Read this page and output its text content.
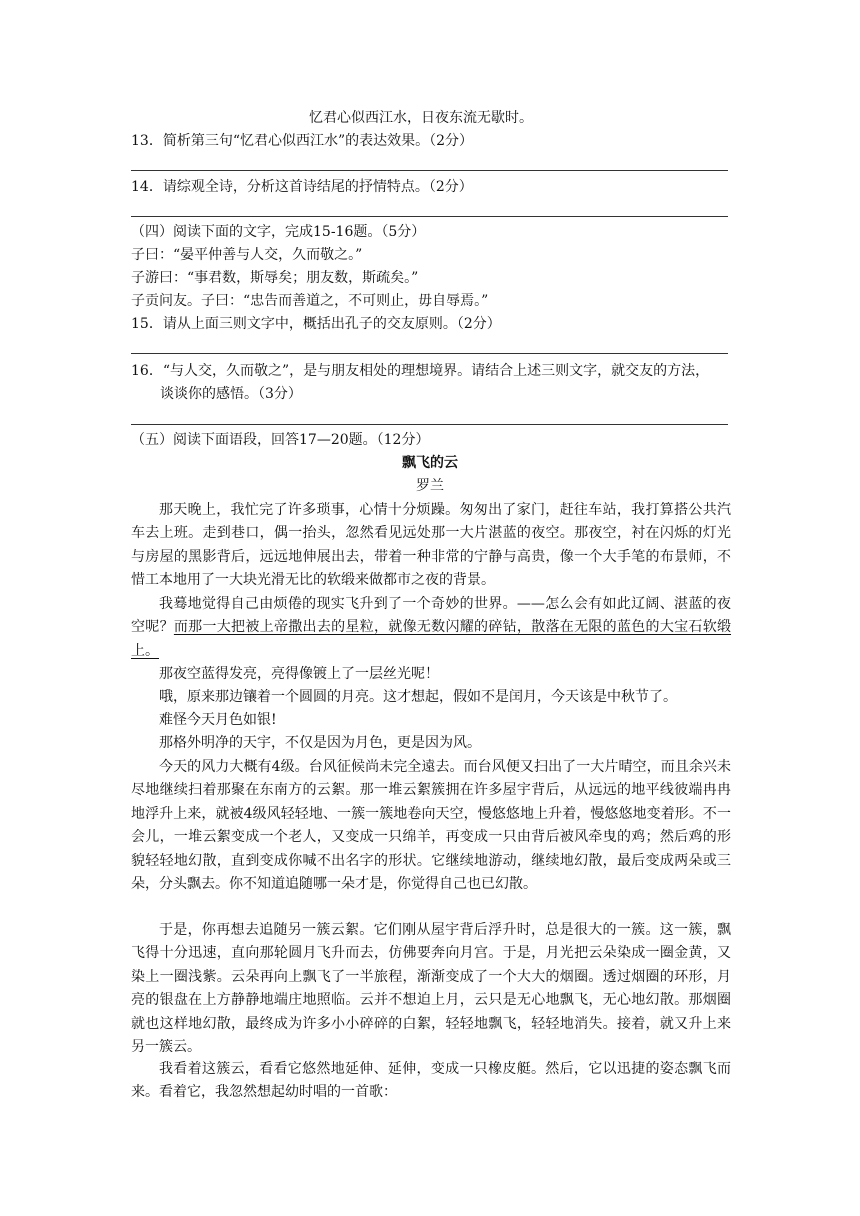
忆君心似西江水，日夜东流无歇时。
13．简析第三句“忆君心似西江水”的表达效果。（2分）
14．请综观全诗，分析这首诗结尾的抒情特点。（2分）
（四）阅读下面的文字，完成15-16题。（5分）
子曰：“晏平仲善与人交，久而敬之。”
子游曰：“事君数，斯辱矣；朋友数，斯疏矣。”
子贡问友。子曰：“忠告而善道之，不可则止，毋自辱焉。”
15．请从上面三则文字中，概括出孔子的交友原则。（2分）
16．“与人交，久而敬之”，是与朋友相处的理想境界。请结合上述三则文字，就交友的方法，
谈谈你的感悟。（3分）
（五）阅读下面语段，回答17—20题。（12分）
飘飞的云
罗兰
那天晚上，我忙完了许多琐事，心情十分烦躁。匆匆出了家门，赶往车站，我打算搭公共汽车去上班。走到巷口，偶一抬头，忽然看见远处那一大片湛蓝的夜空。那夜空，衬在闪烁的灯光与房屋的黑影背后，远远地伸展出去，带着一种非常的宁静与高贵，像一个大手笔的布景师，不惜工本地用了一大块光滑无比的软缎来做都市之夜的背景。
我蓦地觉得自己由烦倦的现实飞升到了一个奇妙的世界。——怎么会有如此辽阔、湛蓝的夜空呢？而那一大把被上帝撒出去的星粒，就像无数闪耀的碎钻，散落在无限的蓝色的大宝石软缎上。
那夜空蓝得发亮，亮得像镀上了一层丝光呢！
哦，原来那边镶着一个圆圆的月亮。这才想起，假如不是闰月，今天该是中秋节了。
难怪今天月色如银!
那格外明净的天宇，不仅是因为月色，更是因为风。
今天的风力大概有4级。台风征候尚未完全遠去。而台风便又扫出了一大片晴空，而且余兴未尽地继续扫着那聚在东南方的云絮。那一堆云絮簇拥在许多屋宇背后，从远远的地平线彼端冉冉地浮升上来，就被4级风轻轻地、一簇一簇地卷向天空，慢悠悠地上升着，慢悠悠地变着形。不一会儿，一堆云絮变成一个老人，又变成一只绵羊，再变成一只由背后被风牵曳的鸡；然后鸡的形貌轻轻地幻散，直到变成你喊不出名字的形状。它继续地游动，继续地幻散，最后变成两朵或三朵，分头飘去。你不知道追随哪一朵才是，你觉得自己也已幻散。
于是，你再想去追随另一簇云絮。它们刚从屋宇背后浮升时，总是很大的一簇。这一簇，飘飞得十分迅速，直向那轮圆月飞升而去，仿佛要奔向月宫。于是，月光把云朵染成一圈金黄，又染上一圈浅紫。云朵再向上飘飞了一半旅程，渐渐变成了一个大大的烟圈。透过烟圈的环形，月亮的银盘在上方静静地端庄地照临。云并不想迫上月，云只是无心地飘飞，无心地幻散。那烟圈就也这样地幻散，最终成为许多小小碎碎的白絮，轻轻地飘飞，轻轻地消失。接着，就又升上来另一簇云。
我看着这簇云，看看它悠然地延伸、延伸，变成一只橡皮艇。然后，它以迅捷的姿态飘飞而来。看着它，我忽然想起幼时唱的一首歌：
